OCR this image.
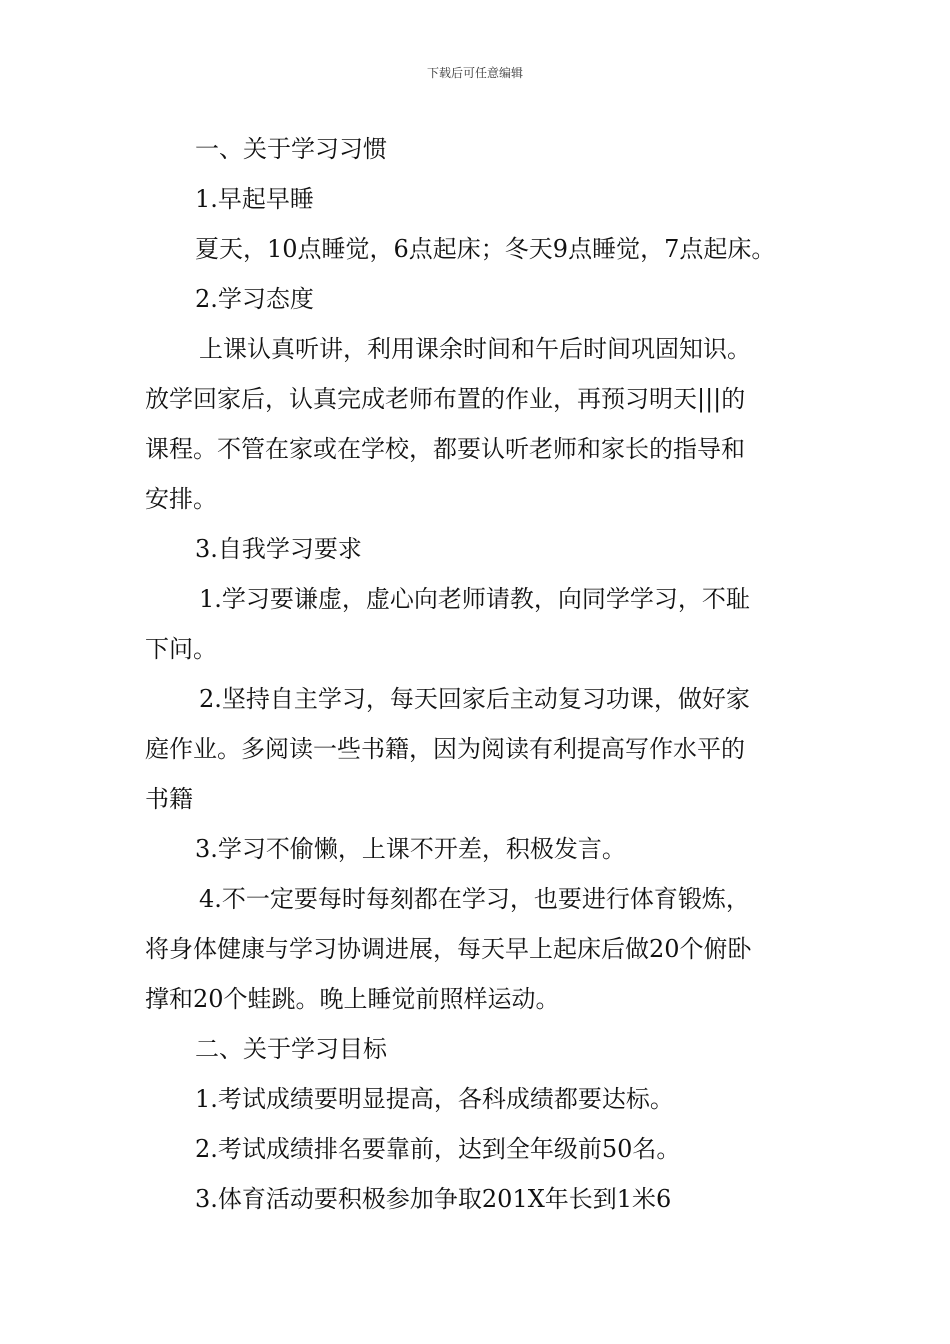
下载后可任意编辑
一、关于学习习惯
1.早起早睡
夏天，10点睡觉，6点起床；冬天9点睡觉，7点起床。
2.学习态度
上课认真听讲，利用课余时间和午后时间巩固知识。
放学回家后，认真完成老师布置的作业，再预习明天|||的
课程。不管在家或在学校，都要认听老师和家长的指导和
安排。
3.自我学习要求
1.学习要谦虚，虚心向老师请教，向同学学习，不耻
下问。
2.坚持自主学习，每天回家后主动复习功课，做好家
庭作业。多阅读一些书籍，因为阅读有利提高写作水平的
书籍
3.学习不偷懒，上课不开差，积极发言。
4.不一定要每时每刻都在学习，也要进行体育锻炼，
将身体健康与学习协调进展，每天早上起床后做20个俯卧
撑和20个蛙跳。晚上睡觉前照样运动。
二、关于学习目标
1.考试成绩要明显提高，各科成绩都要达标。
2.考试成绩排名要靠前，达到全年级前50名。
3.体育活动要积极参加争取201X年长到1米6
